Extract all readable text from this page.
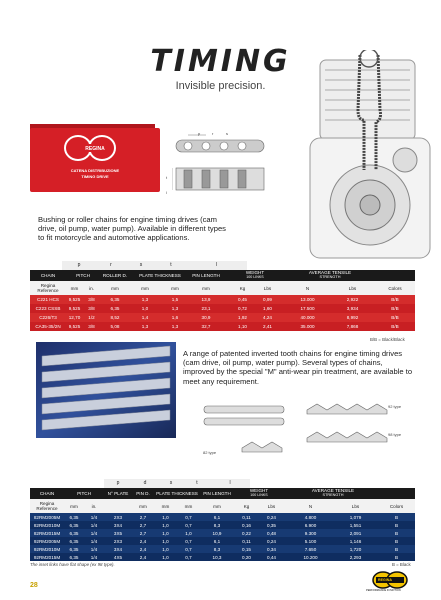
TIMING
Invisible precision.
REGINA
CATENA DISTRIBUZIONE
TIMING DRIVE
p	r	s
t
l
Bushing or roller chains for engine timing drives (cam drive, oil pump, water pump). Available in different types to fit motorcycle and automotive applications.
p	r	s	t	l
CHAIN	PITCH	ROLLER D.	PLATE THICKNESS	PIN LENGTH
WEIGHT
100 LINKS
AVERAGE TENSILE
STRENGTH
Regina Reference	mm	in.	mm	mm	mm	mm	Kg	Lbs	N	Lbs	Colors
C221 HCS	9,525	3/8	6,35	1,3	1,5	13,9	0,45	0,99	13.000	2,922	B/B
C223 CSSB	9,525	3/8	6,35	1,0	1,3	23,1	0,72	1,60	17.500	3,934	B/B
C226/T3	12,70	1/2	8,52	1,4	1,6	30,9	1,92	4,24	40.000	8,992	B/B
CA35-35/2N	9,525	3/8	5,08	1,3	1,3	32,7	1,10	2,41	35.000	7,868	B/B
B/B = Black/Black
A range of patented inverted tooth chains for engine timing drives (cam drive, oil pump, water pump). Several types of chains, improved by the special "M" anti-wear pin treatment, are available to meet any requirement.
92 type
98 type
82 type
p	d	s	t	l
CHAIN	PITCH	N° PLATE	PIN D.	PLATE THICKNESS	PIN LENGTH
WEIGHT
100 LINKS
AVERAGE TENSILE
STRENGTH
Regina Reference	mm	in.	mm	mm	mm	mm	Kg	Lbs	N	Lbs	Colors
82RM2005M	6,35	1/4	2X3	2,7	1,0	0,7	6,1	0,11	0,24	4.800	1,079	B
82RM2010M	6,35	1/4	3X4	2,7	1,0	0,7	8,3	0,16	0,35	6.900	1,551	B
82RM2015M	6,35	1/4	3X5	2,7	1,0	1,0	10,9	0,22	0,48	9.300	2,091	B
92RM2005M	6,35	1/4	2X3	2,4	1,0	0,7	6,1	0,11	0,24	5.100	1,146	B
92RM2010M	6,35	1/4	3X4	2,4	1,0	0,7	8,3	0,15	0,34	7.650	1,720	B
92RM2015M	6,35	1/4	4X5	2,4	1,0	0,7	10,3	0,20	0,44	10.200	2,293	B
The inset links have flat shape (ex 98 type).	B = Black
28
REGINA
PERFORMANCE IN MOTION
